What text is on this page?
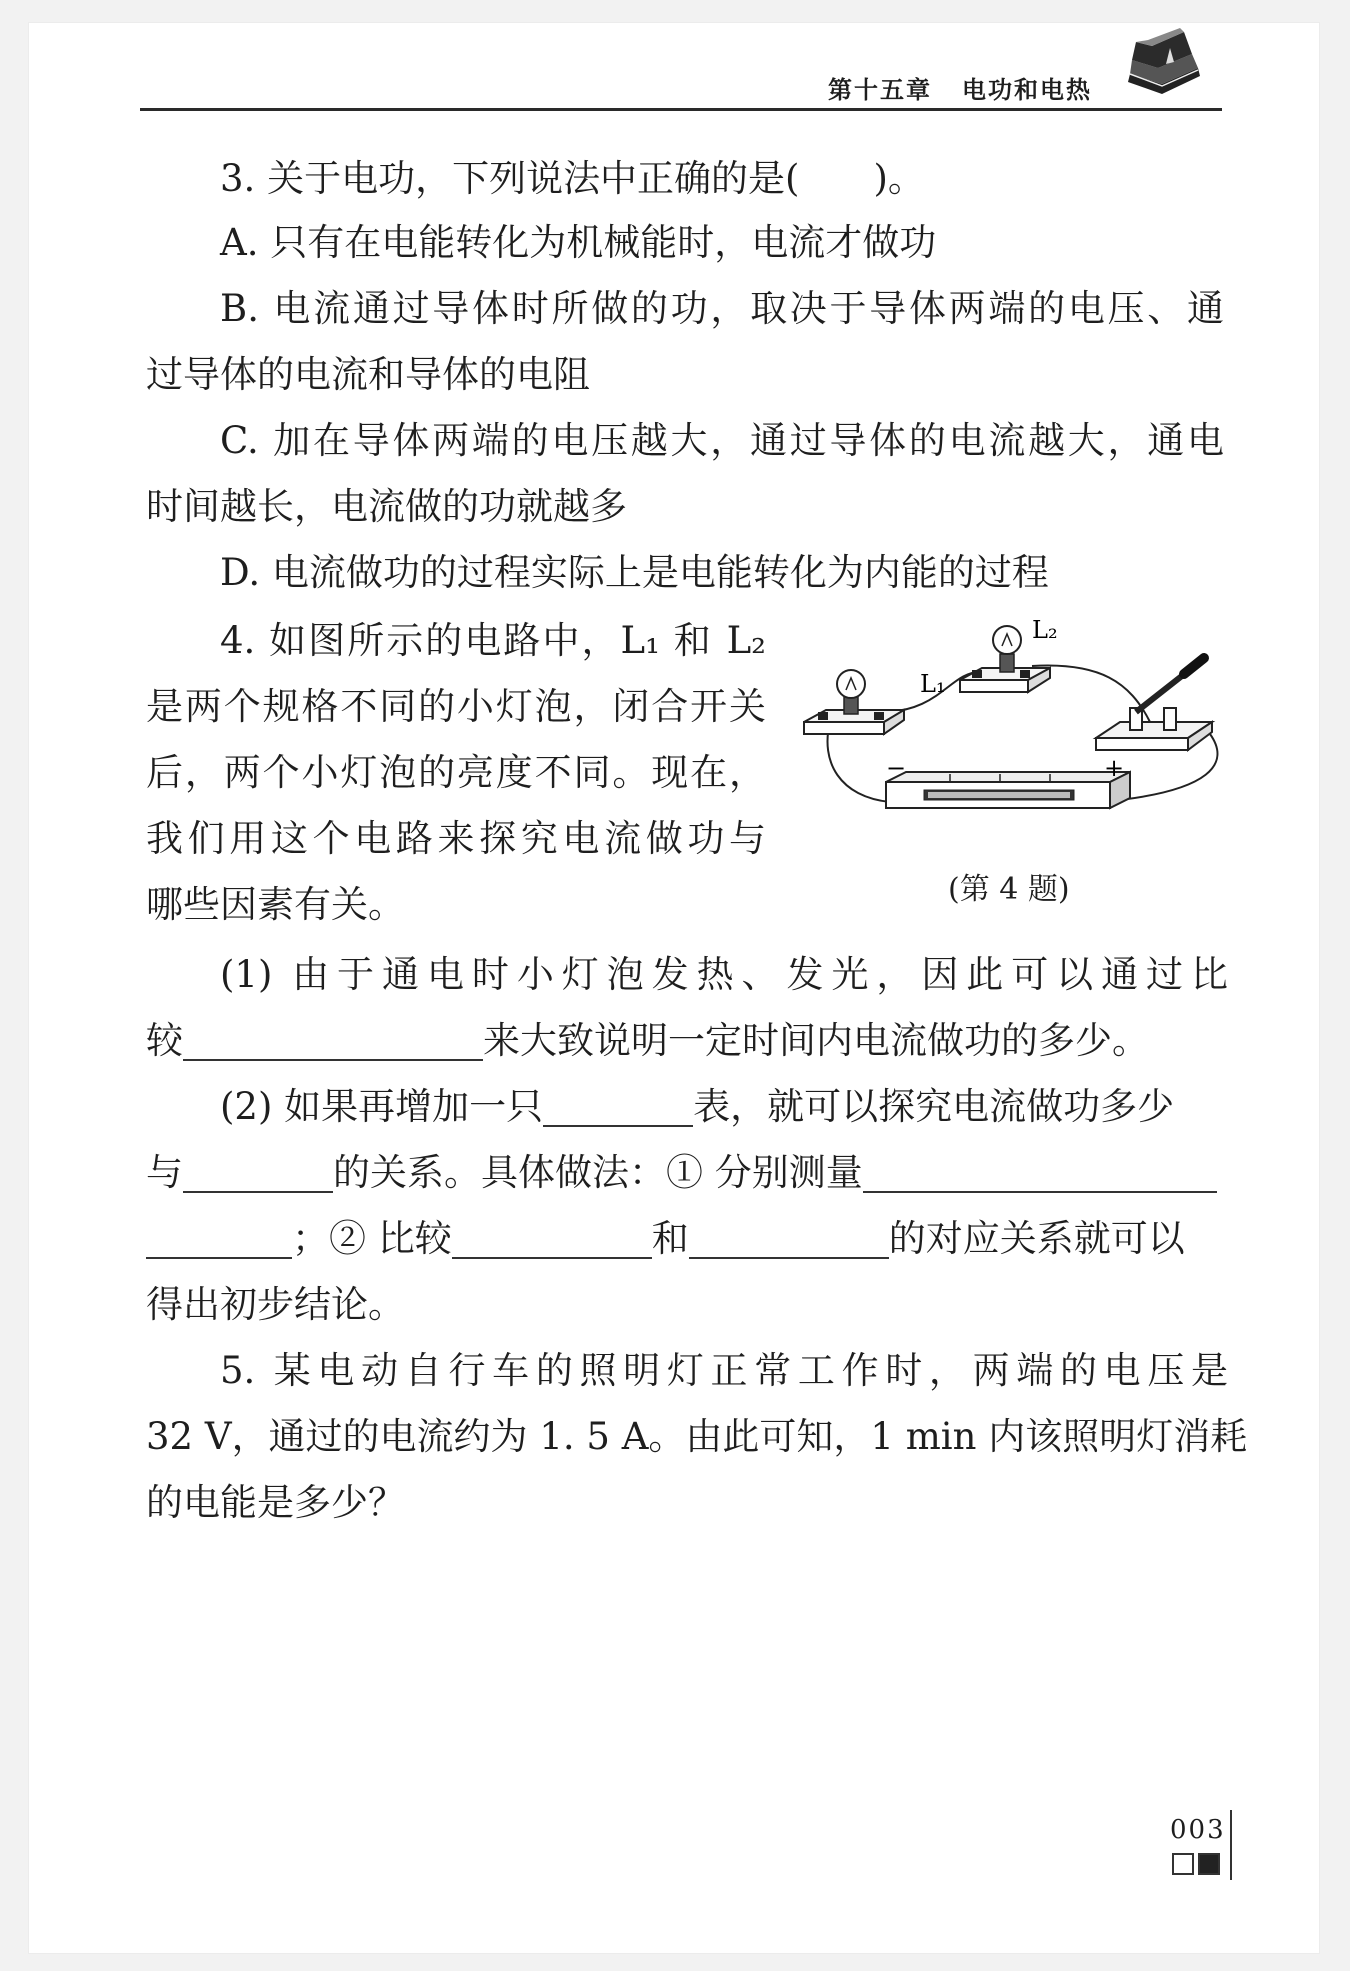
第十五章 电功和电热
3. 关于电功，下列说法中正确的是(　　)。
A. 只有在电能转化为机械能时，电流才做功
B. 电流通过导体时所做的功，取决于导体两端的电压、通
过导体的电流和导体的电阻
C. 加在导体两端的电压越大，通过导体的电流越大，通电
时间越长，电流做的功就越多
D. 电流做功的过程实际上是电能转化为内能的过程
4. 如图所示的电路中，L₁ 和 L₂
是两个规格不同的小灯泡，闭合开关
后，两个小灯泡的亮度不同。现在，
我们用这个电路来探究电流做功与
哪些因素有关。
L₁
L₂
−	+
(第 4 题)
(1) 由于通电时小灯泡发热、发光，因此可以通过比
较	来大致说明一定时间内电流做功的多少。
(2) 如果再增加一只	表，就可以探究电流做功多少
与	的关系。具体做法：① 分别测量
；② 比较	和	的对应关系就可以
得出初步结论。
5. 某电动自行车的照明灯正常工作时，两端的电压是
32 V，通过的电流约为 1. 5 A。由此可知，1 min 内该照明灯消耗
的电能是多少？
003
